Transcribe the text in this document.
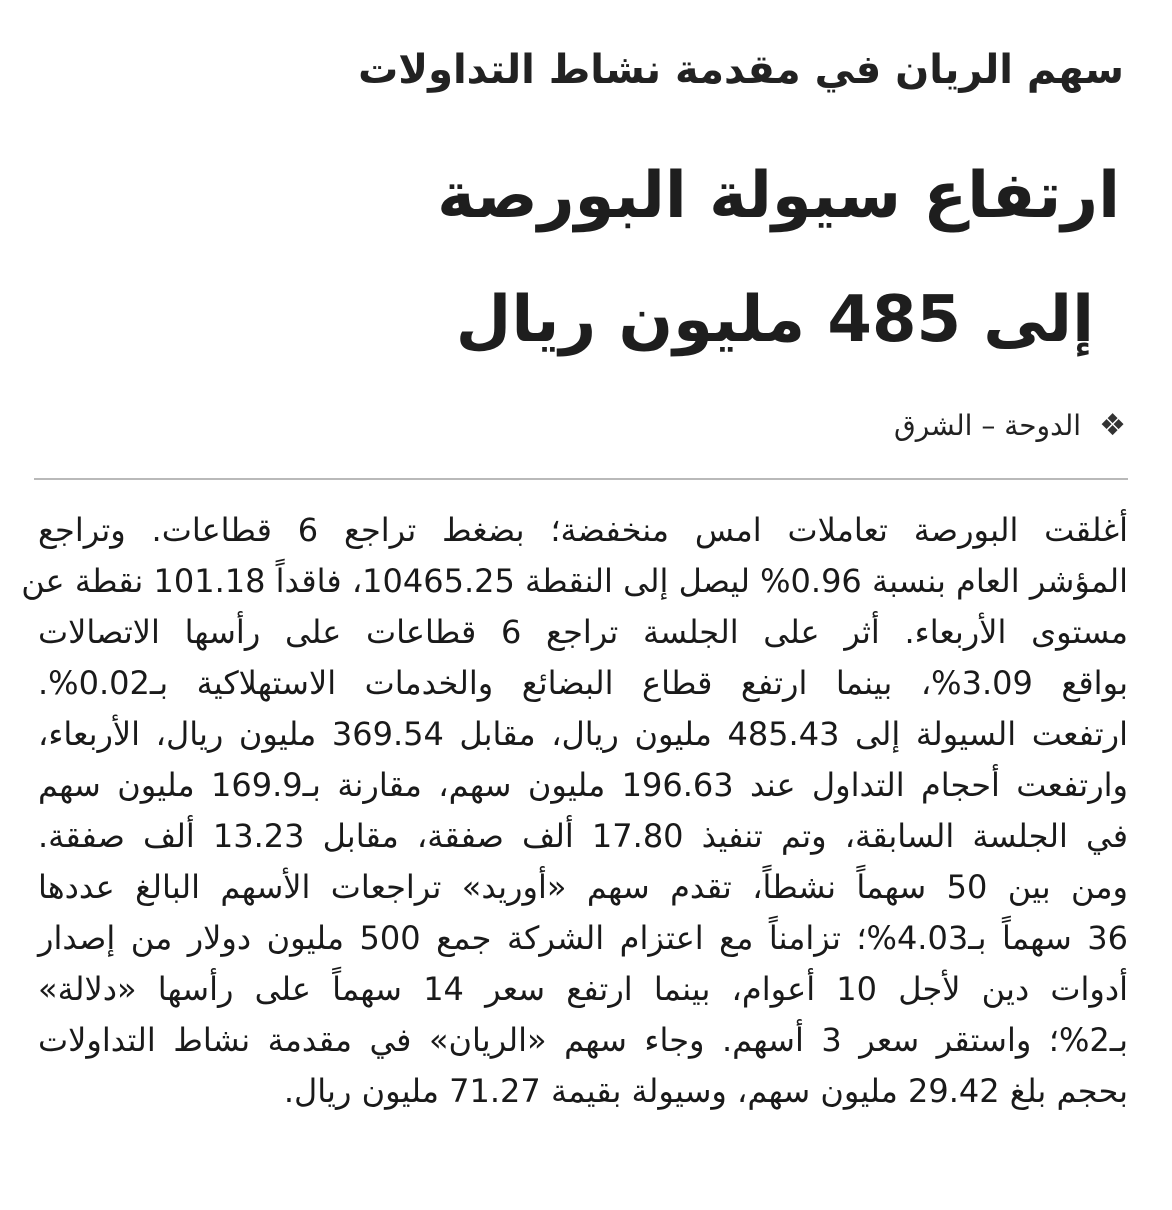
سهم الريان في مقدمة نشاط التداولات
ارتفاع سيولة البورصة
إلى 485 مليون ريال
❖
الدوحة – الشرق
أغلقت البورصة تعاملات امس منخفضة؛ بضغط تراجع 6 قطاعات. وتراجع
المؤشر العام بنسبة 0.96% ليصل إلى النقطة 10465.25، فاقداً 101.18 نقطة عن
مستوى الأربعاء. أثر على الجلسة تراجع 6 قطاعات على رأسها الاتصالات
بواقع 3.09%، بينما ارتفع قطاع البضائع والخدمات الاستهلاكية بـ0.02%.
ارتفعت السيولة إلى 485.43 مليون ريال، مقابل 369.54 مليون ريال، الأربعاء،
وارتفعت أحجام التداول عند 196.63 مليون سهم، مقارنة بـ169.9 مليون سهم
في الجلسة السابقة، وتم تنفيذ 17.80 ألف صفقة، مقابل 13.23 ألف صفقة.
ومن بين 50 سهماً نشطاً، تقدم سهم «أوريد» تراجعات الأسهم البالغ عددها
36 سهماً بـ4.03%؛ تزامناً مع اعتزام الشركة جمع 500 مليون دولار من إصدار
أدوات دين لأجل 10 أعوام، بينما ارتفع سعر 14 سهماً على رأسها «دلالة»
بـ2%؛ واستقر سعر 3 أسهم. وجاء سهم «الريان» في مقدمة نشاط التداولات
بحجم بلغ 29.42 مليون سهم، وسيولة بقيمة 71.27 مليون ريال.
